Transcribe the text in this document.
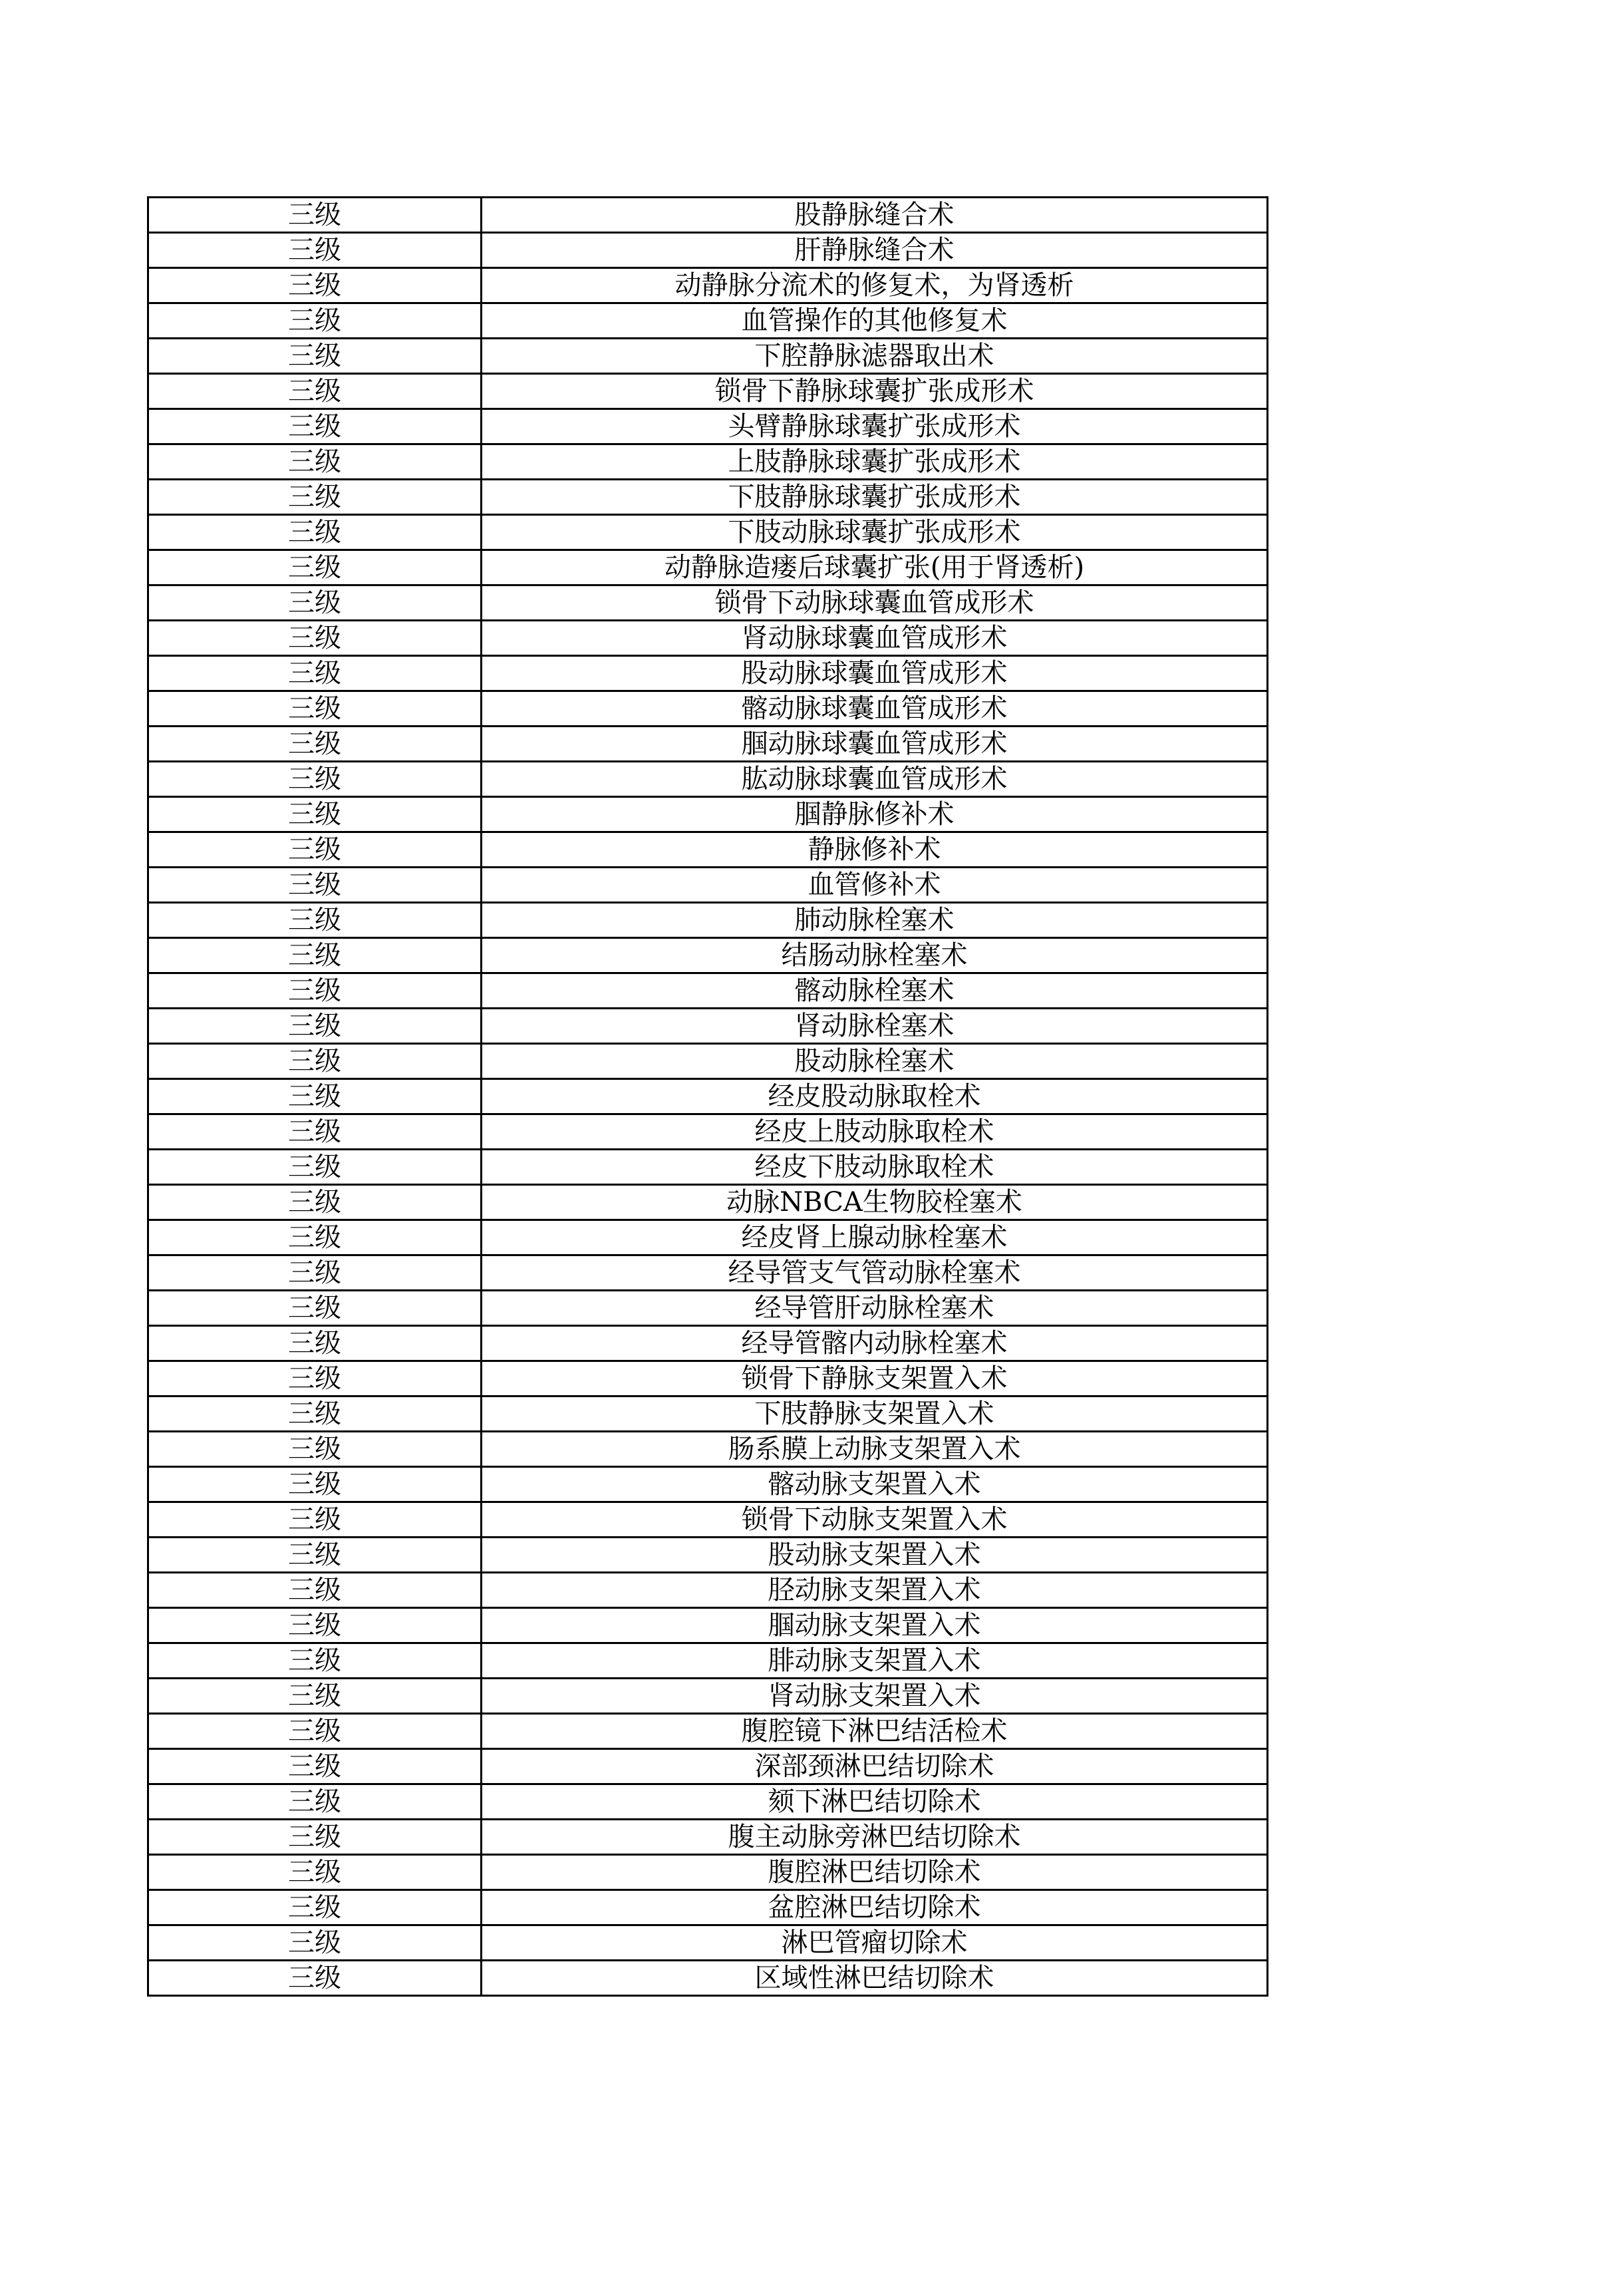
三级	股静脉缝合术
三级	肝静脉缝合术
三级	动静脉分流术的修复术，为肾透析
三级	血管操作的其他修复术
三级	下腔静脉滤器取出术
三级	锁骨下静脉球囊扩张成形术
三级	头臂静脉球囊扩张成形术
三级	上肢静脉球囊扩张成形术
三级	下肢静脉球囊扩张成形术
三级	下肢动脉球囊扩张成形术
三级	动静脉造瘘后球囊扩张(用于肾透析)
三级	锁骨下动脉球囊血管成形术
三级	肾动脉球囊血管成形术
三级	股动脉球囊血管成形术
三级	髂动脉球囊血管成形术
三级	腘动脉球囊血管成形术
三级	肱动脉球囊血管成形术
三级	腘静脉修补术
三级	静脉修补术
三级	血管修补术
三级	肺动脉栓塞术
三级	结肠动脉栓塞术
三级	髂动脉栓塞术
三级	肾动脉栓塞术
三级	股动脉栓塞术
三级	经皮股动脉取栓术
三级	经皮上肢动脉取栓术
三级	经皮下肢动脉取栓术
三级	动脉NBCA生物胶栓塞术
三级	经皮肾上腺动脉栓塞术
三级	经导管支气管动脉栓塞术
三级	经导管肝动脉栓塞术
三级	经导管髂内动脉栓塞术
三级	锁骨下静脉支架置入术
三级	下肢静脉支架置入术
三级	肠系膜上动脉支架置入术
三级	髂动脉支架置入术
三级	锁骨下动脉支架置入术
三级	股动脉支架置入术
三级	胫动脉支架置入术
三级	腘动脉支架置入术
三级	腓动脉支架置入术
三级	肾动脉支架置入术
三级	腹腔镜下淋巴结活检术
三级	深部颈淋巴结切除术
三级	颏下淋巴结切除术
三级	腹主动脉旁淋巴结切除术
三级	腹腔淋巴结切除术
三级	盆腔淋巴结切除术
三级	淋巴管瘤切除术
三级	区域性淋巴结切除术
